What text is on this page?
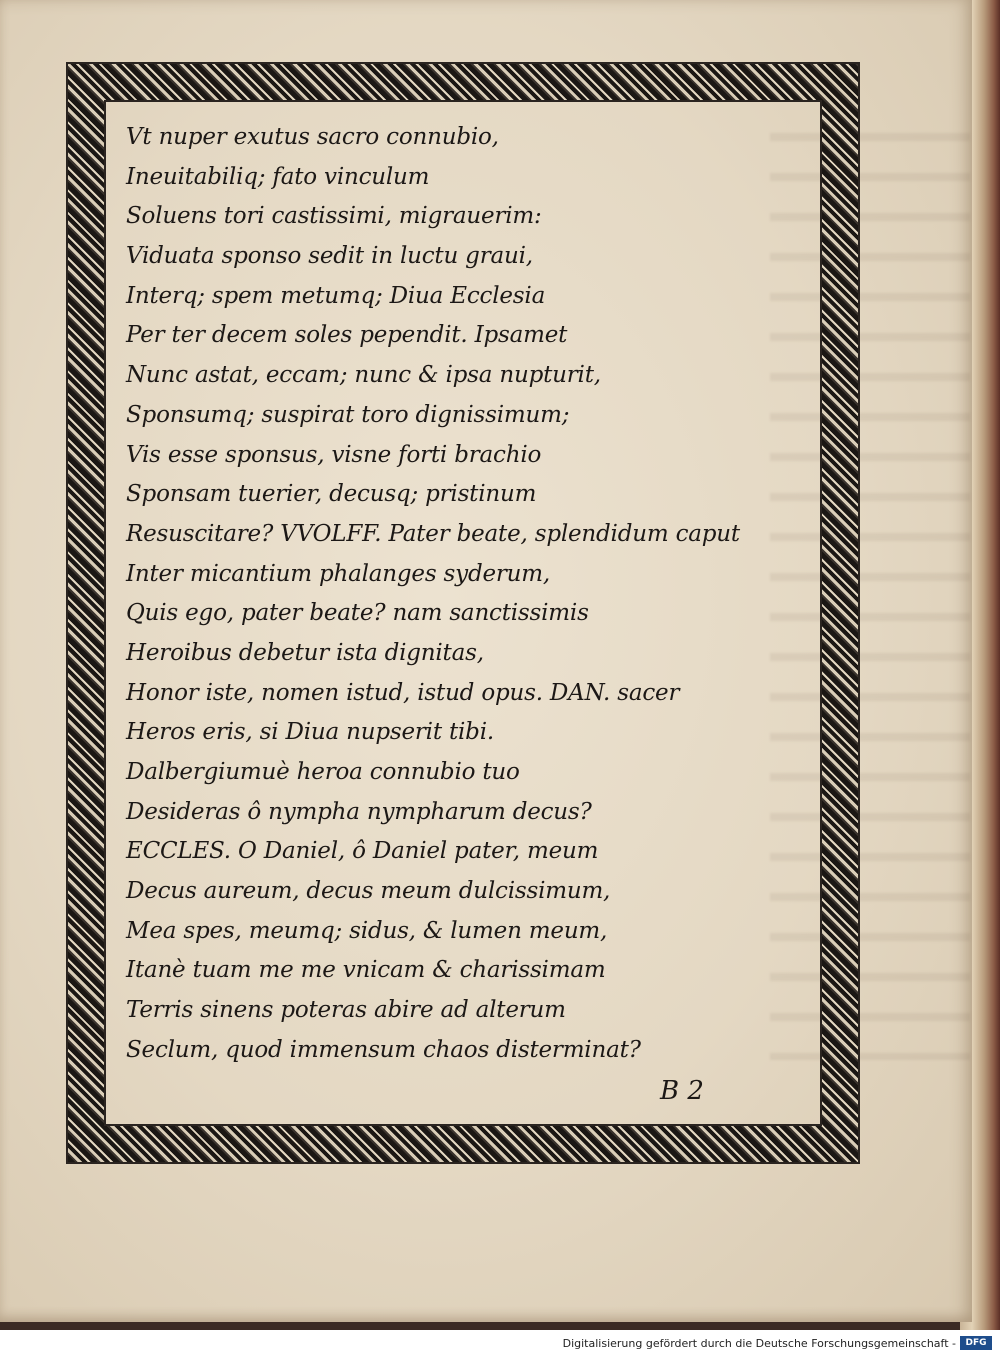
Vt nuper exutus sacro connubio,
Ineuitabiliq; fato vinculum
Soluens tori castissimi, migrauerim:
Viduata sponso sedit in luctu graui,
Interq; spem metumq; Diua Ecclesia
Per ter decem soles pependit. Ipsamet
Nunc astat, eccam; nunc & ipsa nupturit,
Sponsumq; suspirat toro dignissimum;
Vis esse sponsus, visne forti brachio
Sponsam tuerier, decusq; pristinum
Resuscitare? VVOLFF. Pater beate, splendidum caput
Inter micantium phalanges syderum,
Quis ego, pater beate? nam sanctissimis
Heroibus debetur ista dignitas,
Honor iste, nomen istud, istud opus. DAN. sacer
Heros eris, si Diua nupserit tibi.
Dalbergiumuè heroa connubio tuo
Desideras ô nympha nympharum decus?
ECCLES. O Daniel, ô Daniel pater, meum
Decus aureum, decus meum dulcissimum,
Mea spes, meumq; sidus, & lumen meum,
Itanè tuam me me vnicam & charissimam
Terris sinens poteras abire ad alterum
Seclum, quod immensum chaos disterminat?
B 2
Digitalisierung gefördert durch die Deutsche Forschungsgemeinschaft -	DFG
